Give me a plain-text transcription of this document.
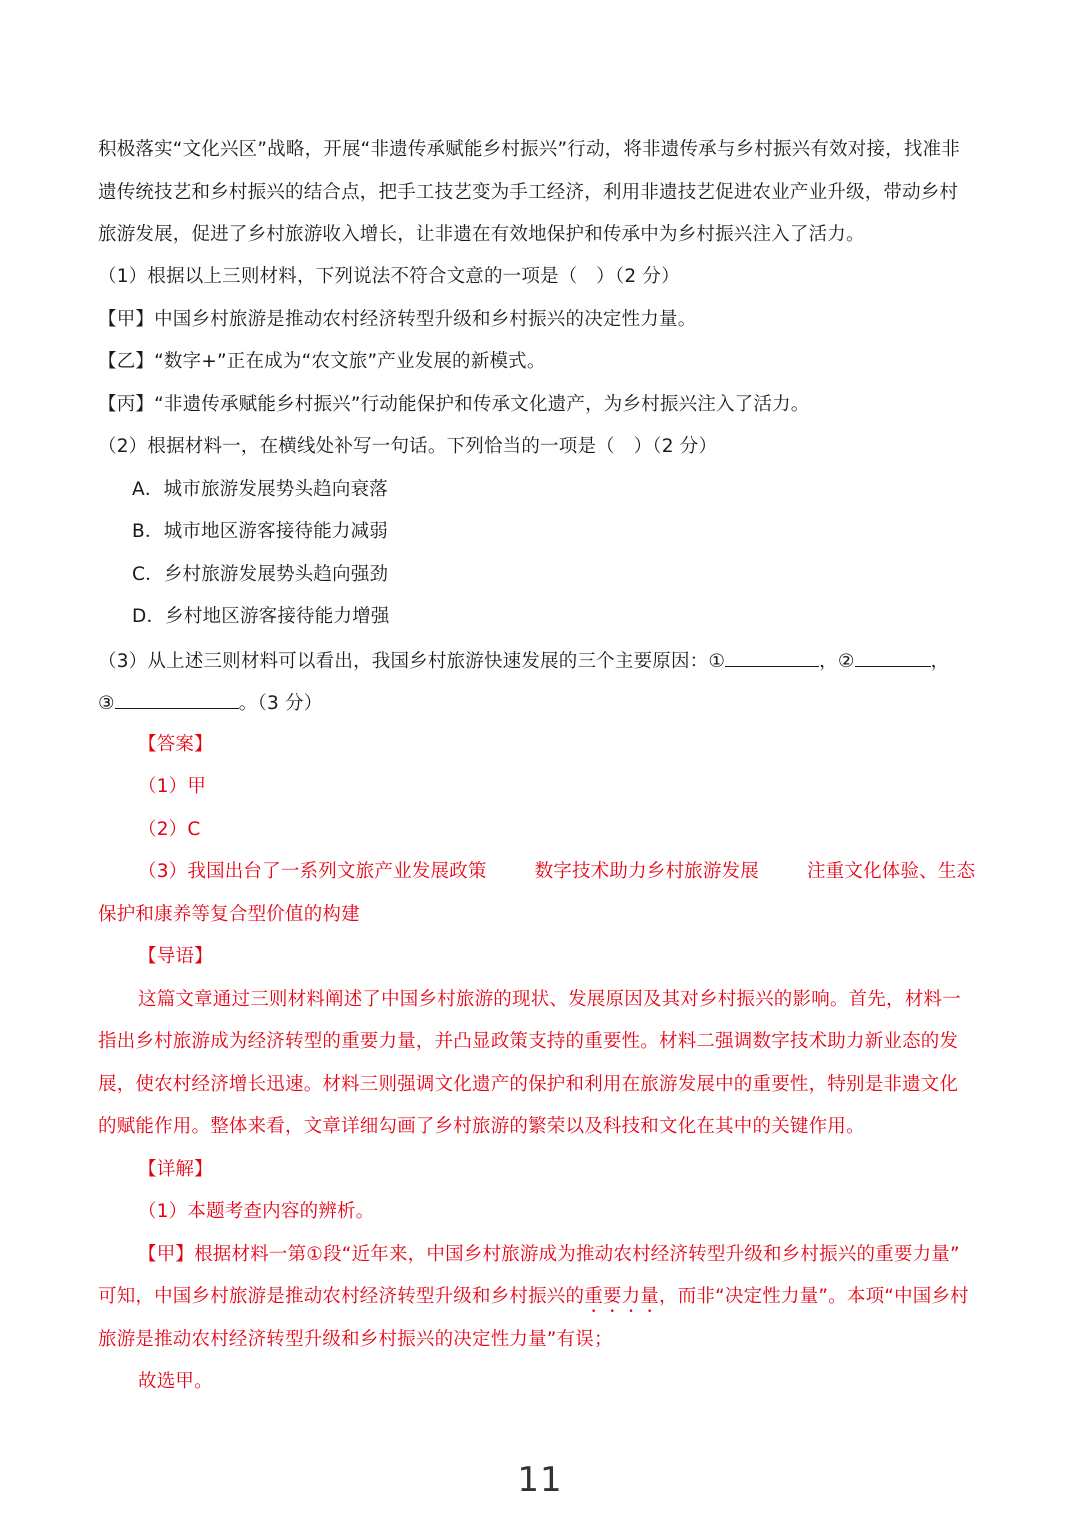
积极落实“文化兴区”战略，开展“非遗传承赋能乡村振兴”行动，将非遗传承与乡村振兴有效对接，找准非
遗传统技艺和乡村振兴的结合点，把手工技艺变为手工经济，利用非遗技艺促进农业产业升级，带动乡村
旅游发展，促进了乡村旅游收入增长，让非遗在有效地保护和传承中为乡村振兴注入了活力。
（1）根据以上三则材料，下列说法不符合文意的一项是（　）（2 分）
【甲】中国乡村旅游是推动农村经济转型升级和乡村振兴的决定性力量。
【乙】“数字+”正在成为“农文旅”产业发展的新模式。
【丙】“非遗传承赋能乡村振兴”行动能保护和传承文化遗产，为乡村振兴注入了活力。
（2）根据材料一，在横线处补写一句话。下列恰当的一项是（　）（2 分）
A．城市旅游发展势头趋向衰落
B．城市地区游客接待能力减弱
C．乡村旅游发展势头趋向强劲
D．乡村地区游客接待能力增强
（3）从上述三则材料可以看出，我国乡村旅游快速发展的三个主要原因：①	，②	，
③	。（3 分）
【答案】
（1）甲
（2）C
（3）我国出台了一系列文旅产业发展政策	数字技术助力乡村旅游发展	注重文化体验、生态
保护和康养等复合型价值的构建
【导语】
这篇文章通过三则材料阐述了中国乡村旅游的现状、发展原因及其对乡村振兴的影响。首先，材料一
指出乡村旅游成为经济转型的重要力量，并凸显政策支持的重要性。材料二强调数字技术助力新业态的发
展，使农村经济增长迅速。材料三则强调文化遗产的保护和利用在旅游发展中的重要性，特别是非遗文化
的赋能作用。整体来看，文章详细勾画了乡村旅游的繁荣以及科技和文化在其中的关键作用。
【详解】
（1）本题考查内容的辨析。
【甲】根据材料一第①段“近年来，中国乡村旅游成为推动农村经济转型升级和乡村振兴的重要力量”
可知，中国乡村旅游是推动农村经济转型升级和乡村振兴的重要力量，而非“决定性力量”。本项“中国乡村
旅游是推动农村经济转型升级和乡村振兴的决定性力量”有误；
故选甲。
11
